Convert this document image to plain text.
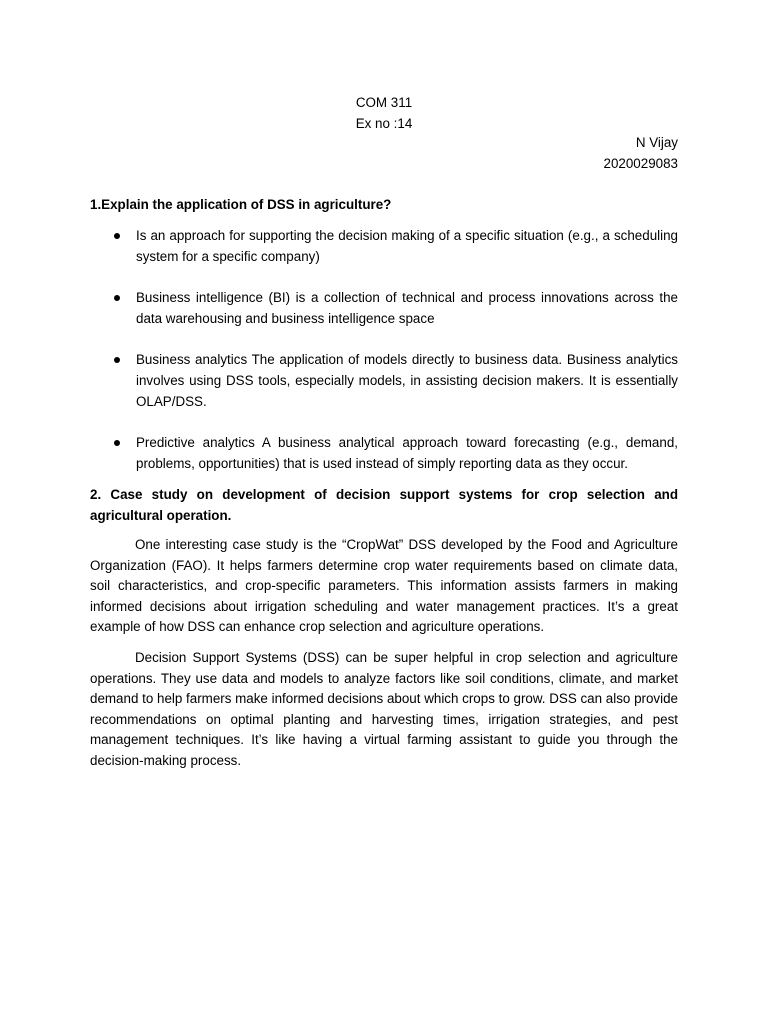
COM 311
Ex no :14
N Vijay
2020029083
1.Explain the application of DSS in agriculture?
Is an approach for supporting the decision making of a specific situation (e.g., a scheduling system for a specific company)
Business intelligence (BI) is a collection of technical and process innovations across the data warehousing and business intelligence space
Business analytics The application of models directly to business data. Business analytics involves using DSS tools, especially models, in assisting decision makers. It is essentially OLAP/DSS.
Predictive analytics A business analytical approach toward forecasting (e.g., demand, problems, opportunities) that is used instead of simply reporting data as they occur.
2. Case study on development of decision support systems for crop selection and agricultural operation.

One interesting case study is the “CropWat” DSS developed by the Food and Agriculture Organization (FAO). It helps farmers determine crop water requirements based on climate data, soil characteristics, and crop-specific parameters. This information assists farmers in making informed decisions about irrigation scheduling and water management practices. It’s a great example of how DSS can enhance crop selection and agriculture operations.

Decision Support Systems (DSS) can be super helpful in crop selection and agriculture operations. They use data and models to analyze factors like soil conditions, climate, and market demand to help farmers make informed decisions about which crops to grow. DSS can also provide recommendations on optimal planting and harvesting times, irrigation strategies, and pest management techniques. It’s like having a virtual farming assistant to guide you through the decision-making process.
